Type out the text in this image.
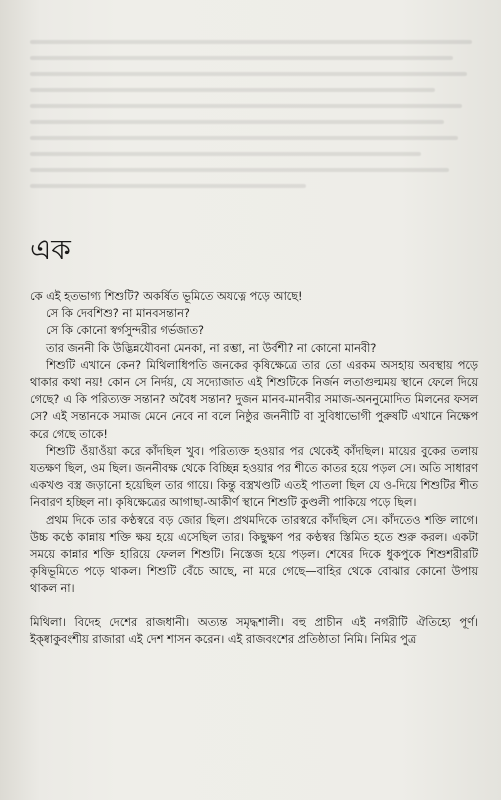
এক

কে এই হতভাগ্য শিশুটি? অকর্ষিত ভূমিতে অযত্নে পড়ে আছে!

সে কি দেবশিশু? না মানবসন্তান?

সে কি কোনো স্বর্গসুন্দরীর গর্ভজাত?

তার জননী কি উদ্ভিন্নযৌবনা মেনকা, না রম্ভা, না উর্বশী? না কোনো মানবী?

শিশুটি এখানে কেন? মিথিলাধিপতি জনকের কৃষিক্ষেত্রে তার তো এরকম অসহায় অবস্থায় পড়ে থাকার কথা নয়! কোন সে নির্দয়, যে সদ্যোজাত এই শিশুটিকে নির্জন লতাগুল্মময় স্থানে ফেলে দিয়ে গেছে? এ কি পরিত্যক্ত সন্তান? অবৈধ সন্তান? দুজন মানব-মানবীর সমাজ-অননুমোদিত মিলনের ফসল সে? এই সন্তানকে সমাজ মেনে নেবে না বলে নিষ্ঠুর জননীটি বা সুবিধাভোগী পুরুষটি এখানে নিক্ষেপ করে গেছে তাকে!

শিশুটি ওঁয়াওঁয়া করে কাঁদছিল খুব। পরিত্যক্ত হওয়ার পর থেকেই কাঁদছিল। মায়ের বুকের তলায় যতক্ষণ ছিল, ওম ছিল। জননীবক্ষ থেকে বিচ্ছিন্ন হওয়ার পর শীতে কাতর হয়ে পড়ল সে। অতি সাধারণ একখণ্ড বস্ত্র জড়ানো হয়েছিল তার গায়ে। কিন্তু বস্ত্রখণ্ডটি এতই পাতলা ছিল যে ও-দিয়ে শিশুটির শীত নিবারণ হচ্ছিল না। কৃষিক্ষেত্রের আগাছা-আকীর্ণ স্থানে শিশুটি কুণ্ডলী পাকিয়ে পড়ে ছিল।

প্রথম দিকে তার কণ্ঠস্বরে বড় জোর ছিল। প্রথমদিকে তারস্বরে কাঁদছিল সে। কাঁদতেও শক্তি লাগে। উচ্চ কণ্ঠে কান্নায় শক্তি ক্ষয় হয়ে এসেছিল তার। কিছুক্ষণ পর কণ্ঠস্বর স্তিমিত হতে শুরু করল। একটা সময়ে কান্নার শক্তি হারিয়ে ফেলল শিশুটি। নিস্তেজ হয়ে পড়ল। শেষের দিকে ধুকপুকে শিশুশরীরটি কৃষিভূমিতে পড়ে থাকল। শিশুটি বেঁচে আছে, না মরে গেছে—বাহির থেকে বোঝার কোনো উপায় থাকল না।

মিথিলা। বিদেহ দেশের রাজধানী। অত্যন্ত সমৃদ্ধশালী। বহু প্রাচীন এই নগরীটি ঐতিহ্যে পূর্ণ। ইক্ষ্বাকুবংশীয় রাজারা এই দেশ শাসন করেন। এই রাজবংশের প্রতিষ্ঠাতা নিমি। নিমির পুত্র
